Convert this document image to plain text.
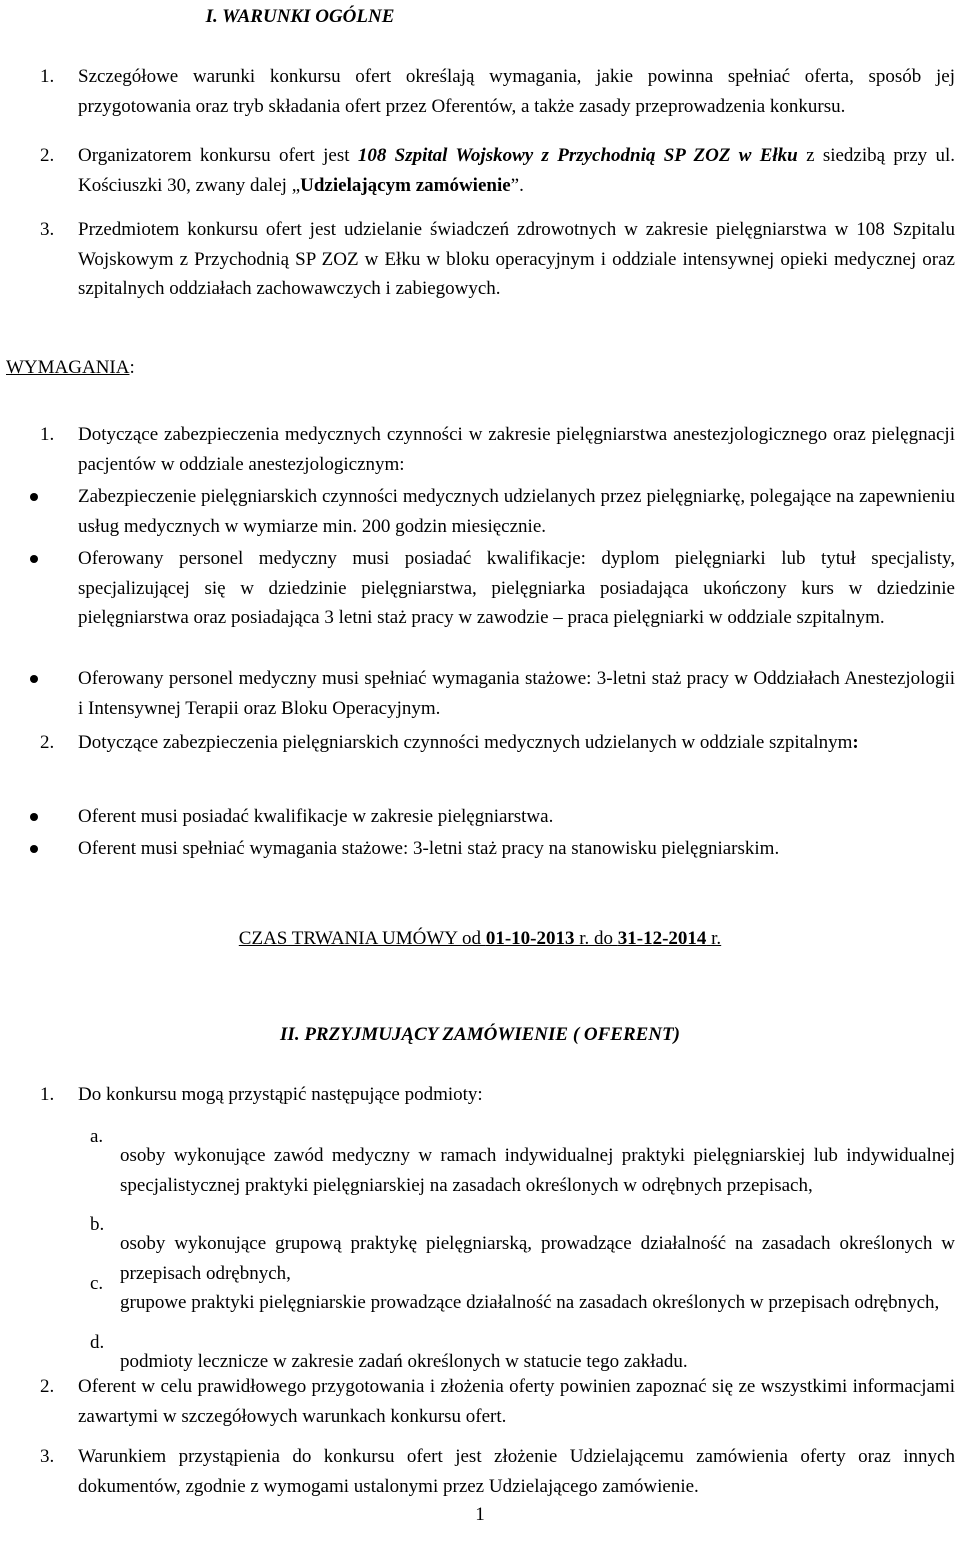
I. WARUNKI OGÓLNE

1. Szczegółowe warunki konkursu ofert określają wymagania, jakie powinna spełniać oferta, sposób jej przygotowania oraz tryb składania ofert przez Oferentów, a także zasady przeprowadzenia konkursu.

2. Organizatorem konkursu ofert jest 108 Szpital Wojskowy z Przychodnią SP ZOZ w Ełku z siedzibą przy ul. Kościuszki 30, zwany dalej „Udzielającym zamówienie”.

3. Przedmiotem konkursu ofert jest udzielanie świadczeń zdrowotnych w zakresie pielęgniarstwa w 108 Szpitalu Wojskowym z Przychodnią SP ZOZ w Ełku w bloku operacyjnym i oddziale intensywnej opieki medycznej oraz szpitalnych oddziałach zachowawczych i zabiegowych.

WYMAGANIA:

1. Dotyczące zabezpieczenia medycznych czynności w zakresie pielęgniarstwa anestezjologicznego oraz pielęgnacji pacjentów w oddziale anestezjologicznym:

Zabezpieczenie pielęgniarskich czynności medycznych udzielanych przez pielęgniarkę, polegające na zapewnieniu usług medycznych w wymiarze min. 200 godzin miesięcznie.

Oferowany personel medyczny musi posiadać kwalifikacje: dyplom pielęgniarki lub tytuł specjalisty, specjalizującej się w dziedzinie pielęgniarstwa, pielęgniarka posiadająca ukończony kurs w dziedzinie pielęgniarstwa oraz posiadająca 3 letni staż pracy w zawodzie – praca pielęgniarki w oddziale szpitalnym.

Oferowany personel medyczny musi spełniać wymagania stażowe: 3-letni staż pracy w Oddziałach Anestezjologii i Intensywnej Terapii oraz Bloku Operacyjnym.

2. Dotyczące zabezpieczenia pielęgniarskich czynności medycznych udzielanych w oddziale szpitalnym:

Oferent musi posiadać kwalifikacje w zakresie pielęgniarstwa.

Oferent musi spełniać wymagania stażowe: 3-letni staż pracy na stanowisku pielęgniarskim.

CZAS TRWANIA UMÓWY od 01-10-2013 r. do 31-12-2014 r.
II. PRZYJMUJĄCY ZAMÓWIENIE ( OFERENT)

1. Do konkursu mogą przystąpić następujące podmioty:

a.

osoby wykonujące zawód medyczny w ramach indywidualnej praktyki pielęgniarskiej lub indywidualnej specjalistycznej praktyki pielęgniarskiej na zasadach określonych w odrębnych przepisach,

b.

osoby wykonujące grupową praktykę pielęgniarską, prowadzące działalność na zasadach określonych w przepisach odrębnych,

c.

grupowe praktyki pielęgniarskie prowadzące działalność na zasadach określonych w przepisach odrębnych,

d.

podmioty lecznicze w zakresie zadań określonych w statucie tego zakładu.

2. Oferent w celu prawidłowego przygotowania i złożenia oferty powinien zapoznać się ze wszystkimi informacjami zawartymi w szczegółowych warunkach konkursu ofert.

3. Warunkiem przystąpienia do konkursu ofert jest złożenie Udzielającemu zamówienia oferty oraz innych dokumentów, zgodnie z wymogami ustalonymi przez Udzielającego zamówienie.

1
